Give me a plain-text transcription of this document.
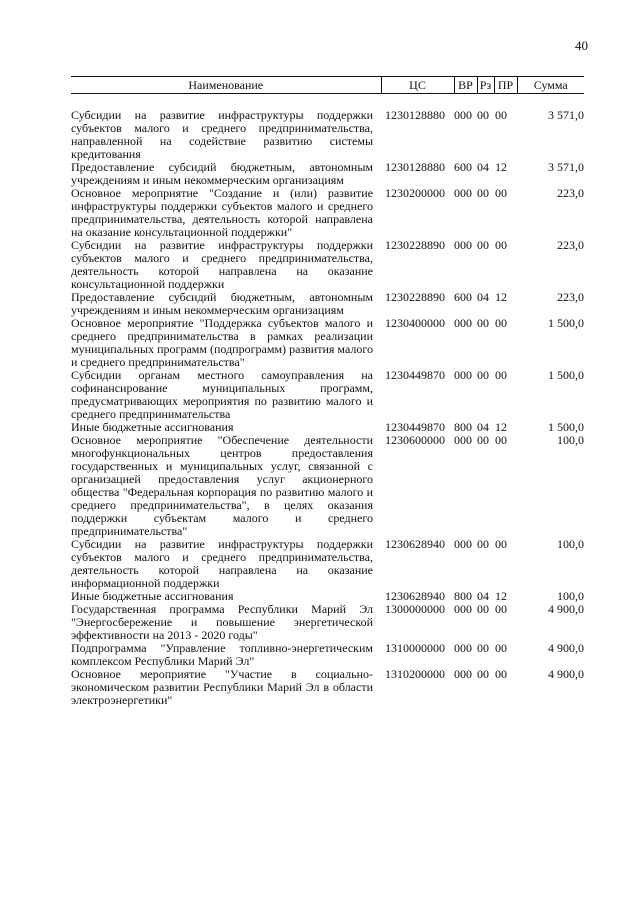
40
Наименование	ЦС	ВР	Рз	ПР	Сумма
Субсидии на развитие инфраструктуры поддержки субъектов малого и среднего предпринимательства, направленной на содействие развитию системы кредитования	1230128880	000	00	00	3 571,0
Предоставление субсидий бюджетным, автономным учреждениям и иным некоммерческим организациям	1230128880	600	04	12	3 571,0
Основное мероприятие "Создание и (или) развитие инфраструктуры поддержки субъектов малого и среднего предпринимательства, деятельность которой направлена на оказание консультационной поддержки"	1230200000	000	00	00	223,0
Субсидии на развитие инфраструктуры поддержки субъектов малого и среднего предпринимательства, деятельность которой направлена на оказание консультационной поддержки	1230228890	000	00	00	223,0
Предоставление субсидий бюджетным, автономным учреждениям и иным некоммерческим организациям	1230228890	600	04	12	223,0
Основное мероприятие "Поддержка субъектов малого и среднего предпринимательства в рамках реализации муниципальных программ (подпрограмм) развития малого и среднего предпринимательства"	1230400000	000	00	00	1 500,0
Субсидии органам местного самоуправления на софинансирование муниципальных программ, предусматривающих мероприятия по развитию малого и среднего предпринимательства	1230449870	000	00	00	1 500,0
Иные бюджетные ассигнования	1230449870	800	04	12	1 500,0
Основное мероприятие "Обеспечение деятельности многофункциональных центров предоставления государственных и муниципальных услуг, связанной с организацией предоставления услуг акционерного общества "Федеральная корпорация по развитию малого и среднего предпринимательства", в целях оказания поддержки субъектам малого и среднего предпринимательства"	1230600000	000	00	00	100,0
Субсидии на развитие инфраструктуры поддержки субъектов малого и среднего предпринимательства, деятельность которой направлена на оказание информационной поддержки	1230628940	000	00	00	100,0
Иные бюджетные ассигнования	1230628940	800	04	12	100,0
Государственная программа Республики Марий Эл "Энергосбережение и повышение энергетической эффективности на 2013 - 2020 годы"	1300000000	000	00	00	4 900,0
Подпрограмма "Управление топливно-энергетическим комплексом Республики Марий Эл"	1310000000	000	00	00	4 900,0
Основное мероприятие "Участие в социально-экономическом развитии Республики Марий Эл в области электроэнергетики"	1310200000	000	00	00	4 900,0
